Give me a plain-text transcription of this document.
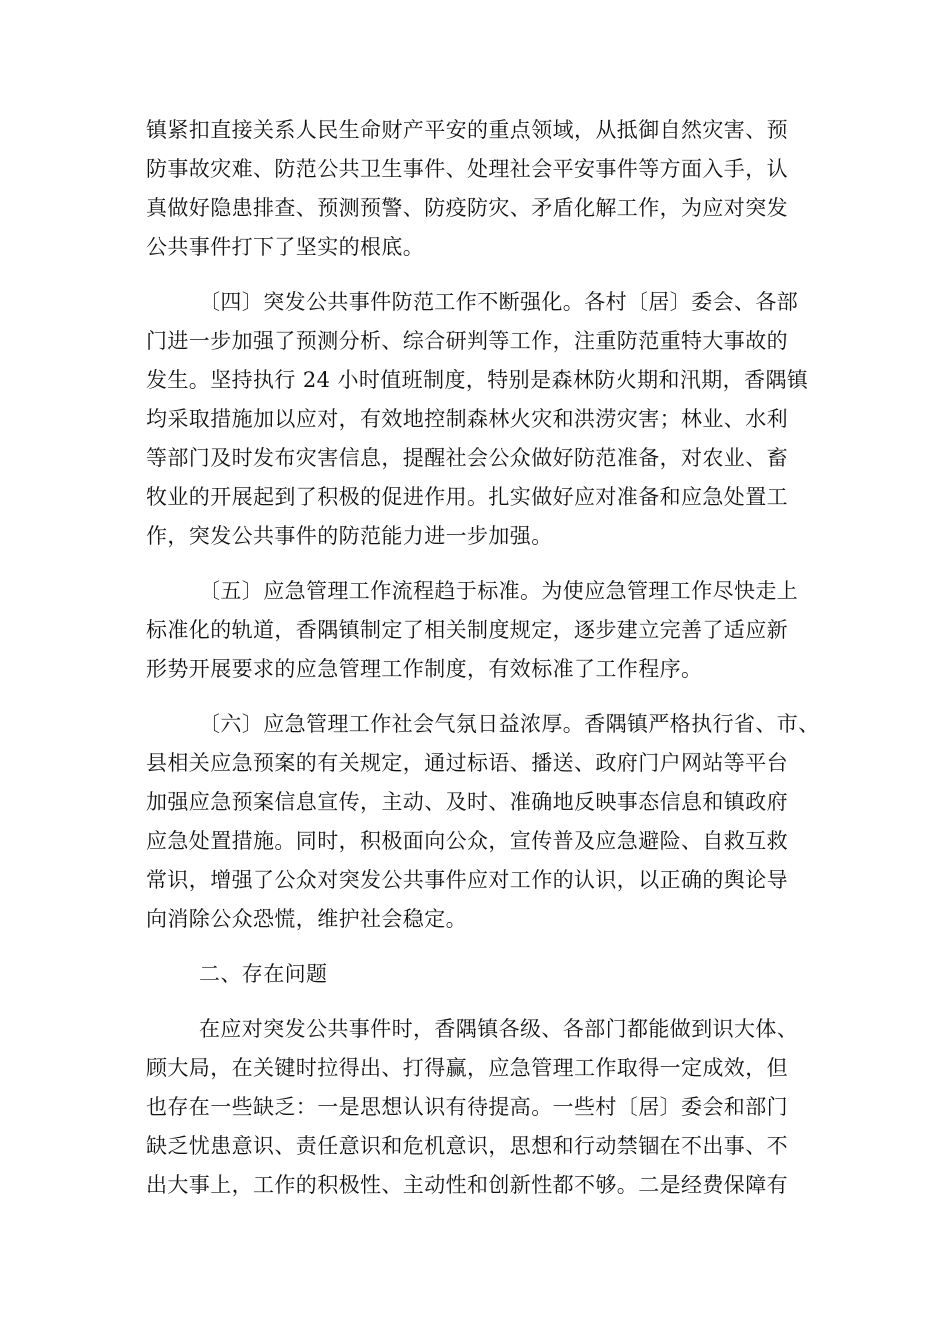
镇紧扣直接关系人民生命财产平安的重点领域，从抵御自然灾害、预
防事故灾难、防范公共卫生事件、处理社会平安事件等方面入手，认
真做好隐患排查、预测预警、防疫防灾、矛盾化解工作，为应对突发
公共事件打下了坚实的根底。
〔四〕突发公共事件防范工作不断强化。各村〔居〕委会、各部
门进一步加强了预测分析、综合研判等工作，注重防范重特大事故的
发生。坚持执行 24 小时值班制度，特别是森林防火期和汛期，香隅镇
均采取措施加以应对，有效地控制森林火灾和洪涝灾害；林业、水利
等部门及时发布灾害信息，提醒社会公众做好防范准备，对农业、畜
牧业的开展起到了积极的促进作用。扎实做好应对准备和应急处置工
作，突发公共事件的防范能力进一步加强。
〔五〕应急管理工作流程趋于标准。为使应急管理工作尽快走上
标准化的轨道，香隅镇制定了相关制度规定，逐步建立完善了适应新
形势开展要求的应急管理工作制度，有效标准了工作程序。
〔六〕应急管理工作社会气氛日益浓厚。香隅镇严格执行省、市、
县相关应急预案的有关规定，通过标语、播送、政府门户网站等平台
加强应急预案信息宣传，主动、及时、准确地反映事态信息和镇政府
应急处置措施。同时，积极面向公众，宣传普及应急避险、自救互救
常识，增强了公众对突发公共事件应对工作的认识，以正确的舆论导
向消除公众恐慌，维护社会稳定。
二、存在问题
在应对突发公共事件时，香隅镇各级、各部门都能做到识大体、
顾大局，在关键时拉得出、打得赢，应急管理工作取得一定成效，但
也存在一些缺乏：一是思想认识有待提高。一些村〔居〕委会和部门
缺乏忧患意识、责任意识和危机意识，思想和行动禁锢在不出事、不
出大事上，工作的积极性、主动性和创新性都不够。二是经费保障有
